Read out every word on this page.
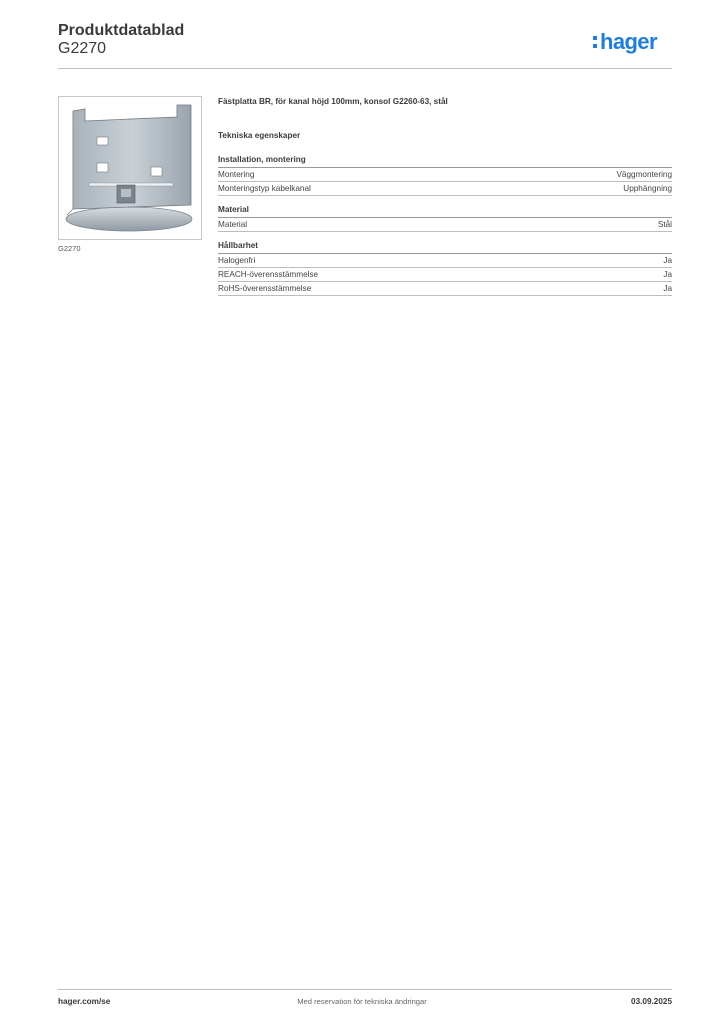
Produktdatablad
G2270	hager
G2270
Fästplatta BR, för kanal höjd 100mm, konsol G2260-63, stål
Tekniska egenskaper
Installation, montering
Montering	Väggmontering
Monteringstyp kabelkanal	Upphängning
Material
Material	Stål
Hållbarhet
Halogenfri	Ja
REACH-överensstämmelse	Ja
RoHS-överensstämmelse	Ja
hager.com/se	Med reservation för tekniska ändringar	03.09.2025
